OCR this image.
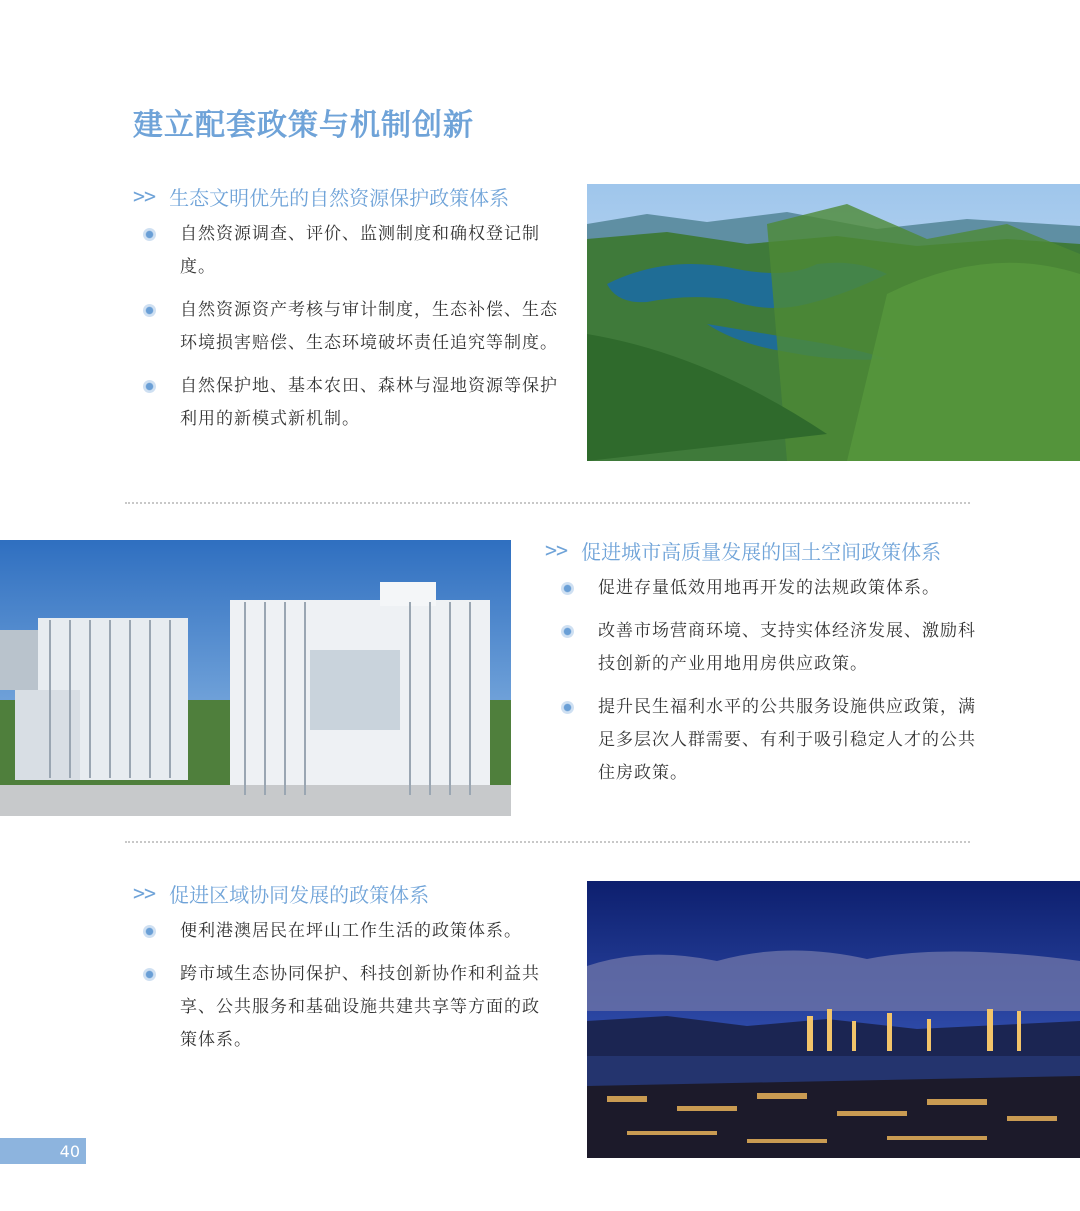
建立配套政策与机制创新
>> 生态文明优先的自然资源保护政策体系
自然资源调查、评价、监测制度和确权登记制度。
自然资源资产考核与审计制度，生态补偿、生态环境损害赔偿、生态环境破坏责任追究等制度。
自然保护地、基本农田、森林与湿地资源等保护利用的新模式新机制。
>> 促进城市高质量发展的国土空间政策体系
促进存量低效用地再开发的法规政策体系。
改善市场营商环境、支持实体经济发展、激励科技创新的产业用地用房供应政策。
提升民生福利水平的公共服务设施供应政策，满足多层次人群需要、有利于吸引稳定人才的公共住房政策。
>> 促进区域协同发展的政策体系
便利港澳居民在坪山工作生活的政策体系。
跨市域生态协同保护、科技创新协作和利益共享、公共服务和基础设施共建共享等方面的政策体系。
40
